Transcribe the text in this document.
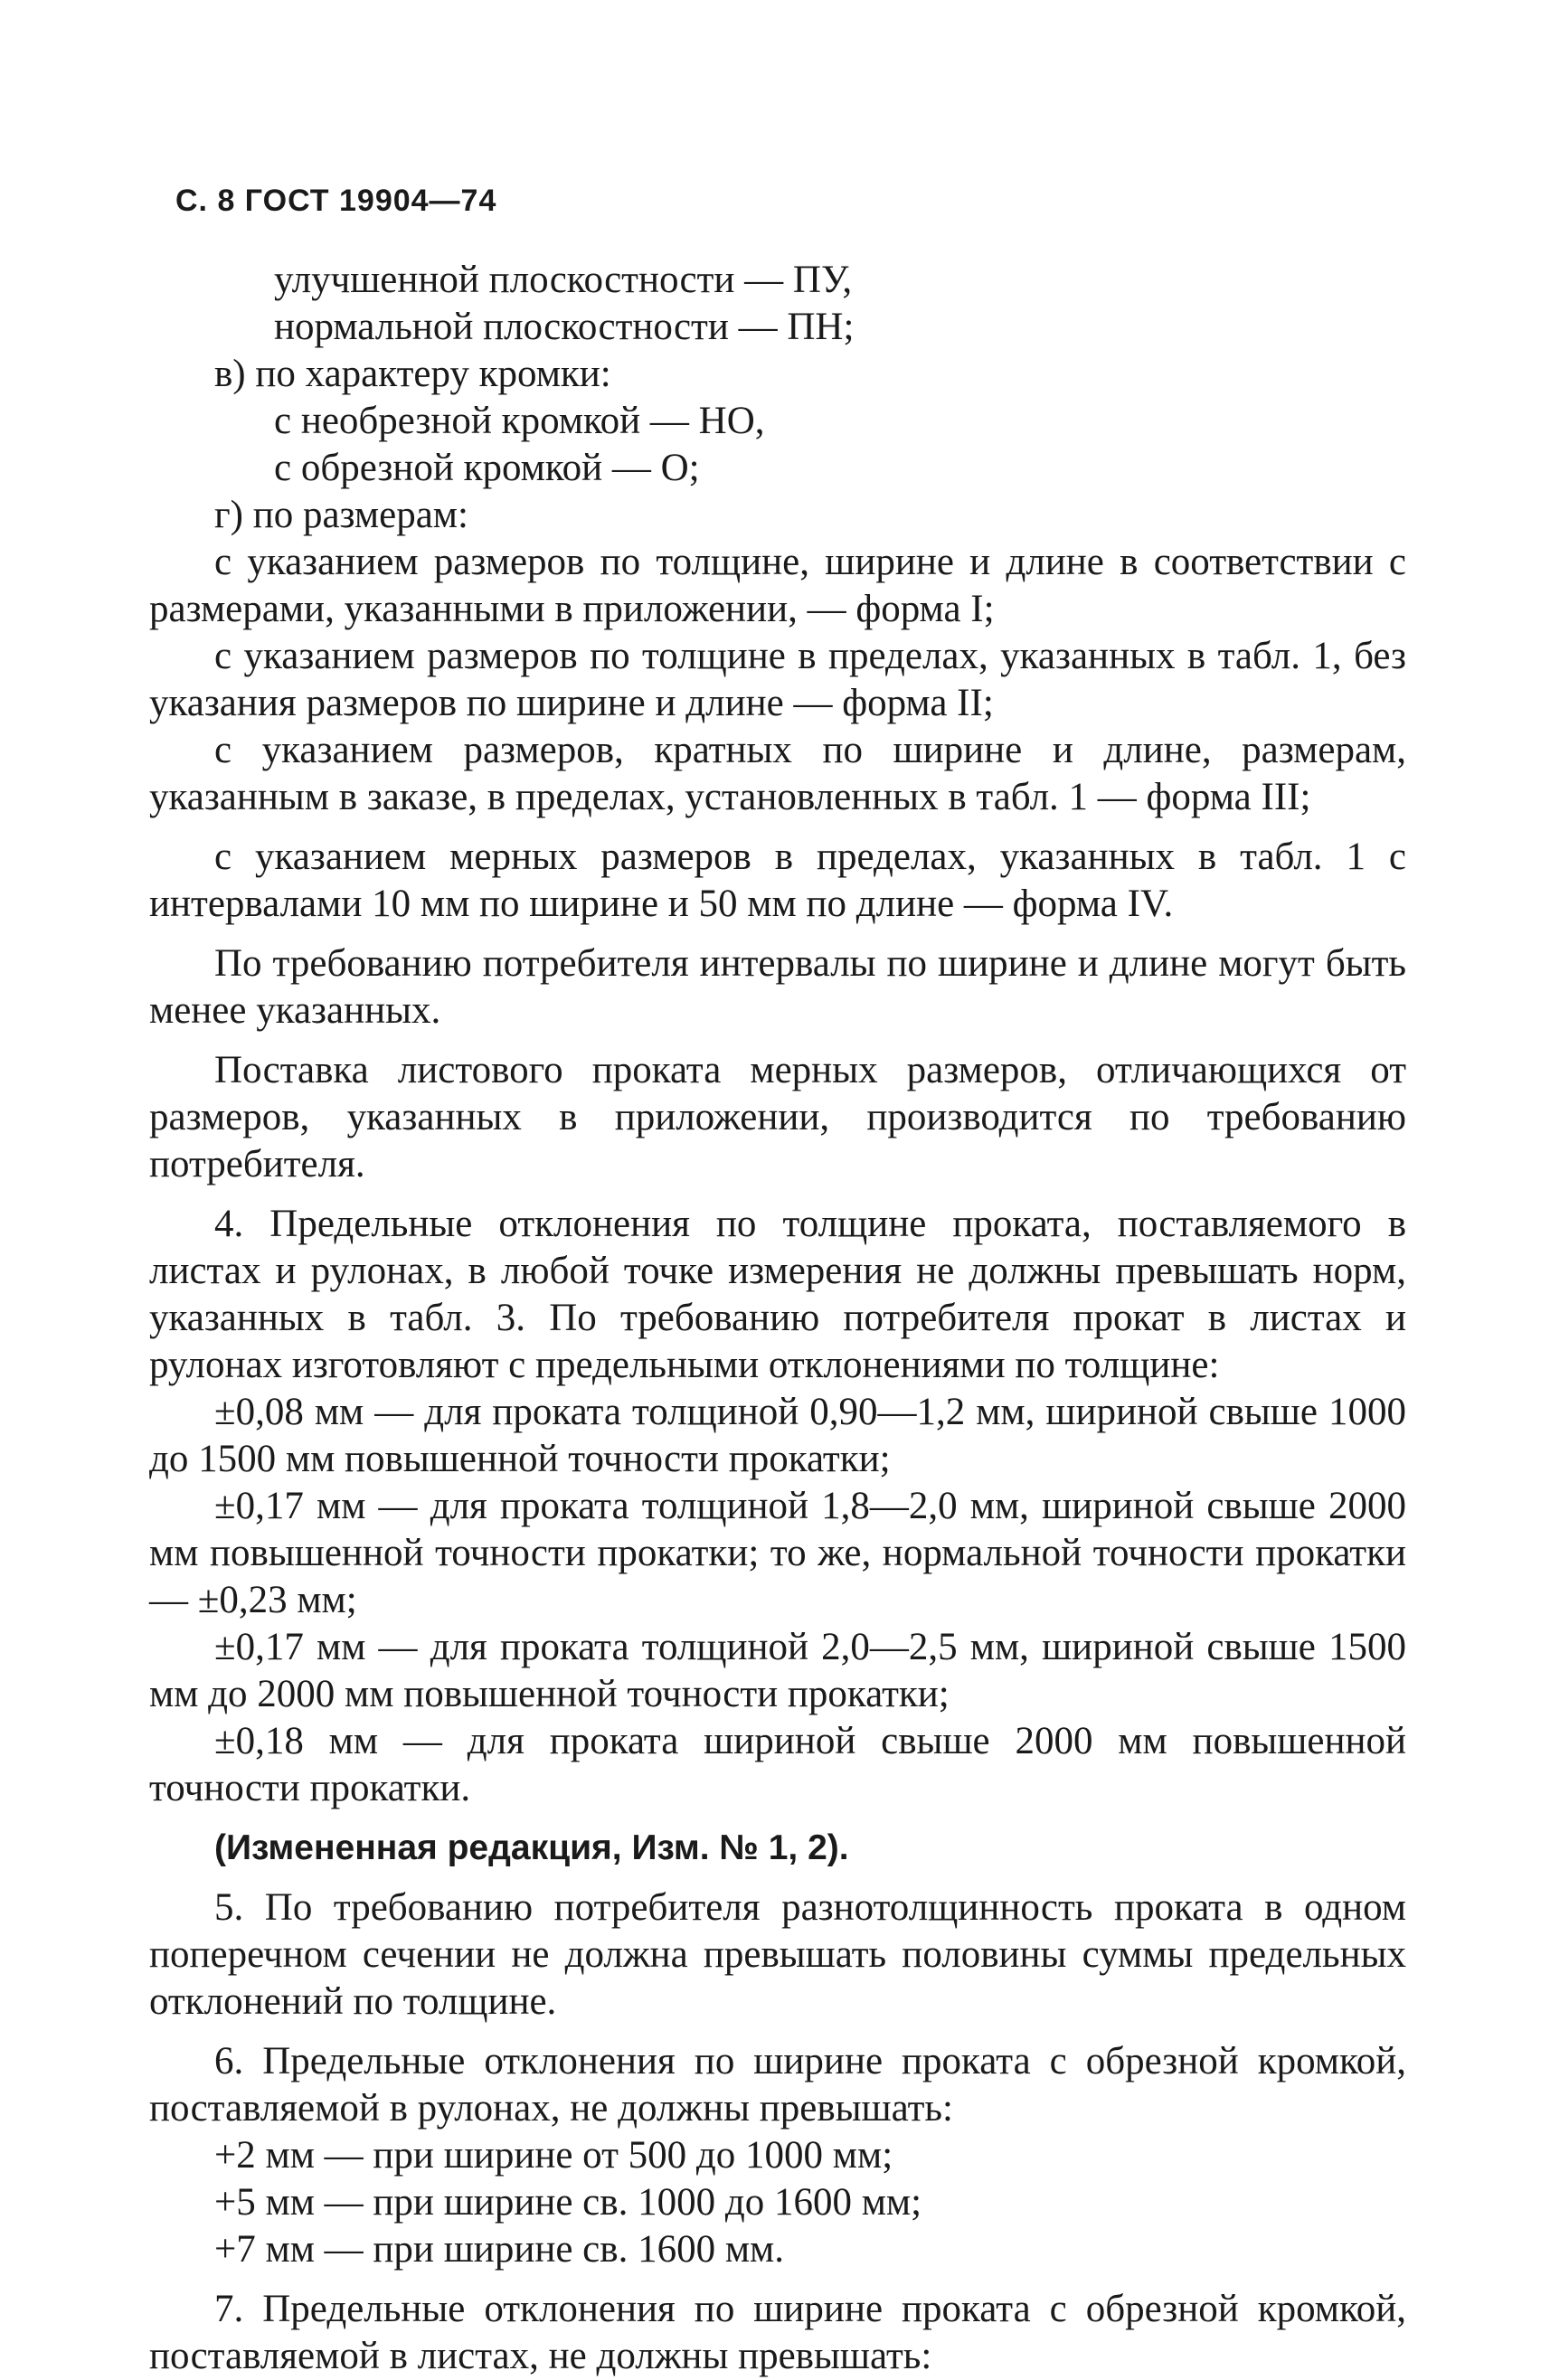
С. 8 ГОСТ 19904—74

улучшенной плоскостности — ПУ,

нормальной плоскостности — ПН;

в) по характеру кромки:

с необрезной кромкой — НО,

с обрезной кромкой — О;

г) по размерам:

с указанием размеров по толщине, ширине и длине в соответствии с размерами, указанными в приложении, — форма I;

с указанием размеров по толщине в пределах, указанных в табл. 1, без указания размеров по ширине и длине — форма II;

с указанием размеров, кратных по ширине и длине, размерам, указанным в заказе, в пределах, установленных в табл. 1 — форма III;

с указанием мерных размеров в пределах, указанных в табл. 1 с интервалами 10 мм по ширине и 50 мм по длине — форма IV.

По требованию потребителя интервалы по ширине и длине могут быть менее указанных.

Поставка листового проката мерных размеров, отличающихся от размеров, указанных в приложении, производится по требованию потребителя.

4. Предельные отклонения по толщине проката, поставляемого в листах и рулонах, в любой точке измерения не должны превышать норм, указанных в табл. 3. По требованию потребителя прокат в листах и рулонах изготовляют с предельными отклонениями по толщине:

±0,08 мм — для проката толщиной 0,90—1,2 мм, шириной свыше 1000 до 1500 мм повышенной точности прокатки;

±0,17 мм — для проката толщиной 1,8—2,0 мм, шириной свыше 2000 мм повышенной точности прокатки; то же, нормальной точности прокатки — ±0,23 мм;

±0,17 мм — для проката толщиной 2,0—2,5 мм, шириной свыше 1500 мм до 2000 мм повышенной точности прокатки;

±0,18 мм — для проката шириной свыше 2000 мм повышенной точности прокатки.

(Измененная редакция, Изм. № 1, 2).

5. По требованию потребителя разнотолщинность проката в одном поперечном сечении не должна превышать половины суммы предельных отклонений по толщине.

6. Предельные отклонения по ширине проката с обрезной кромкой, поставляемой в рулонах, не должны превышать:

+2 мм — при ширине от 500 до 1000 мм;

+5 мм — при ширине св. 1000 до 1600 мм;

+7 мм — при ширине св. 1600 мм.

7. Предельные отклонения по ширине проката с обрезной кромкой, поставляемой в листах, не должны превышать:
